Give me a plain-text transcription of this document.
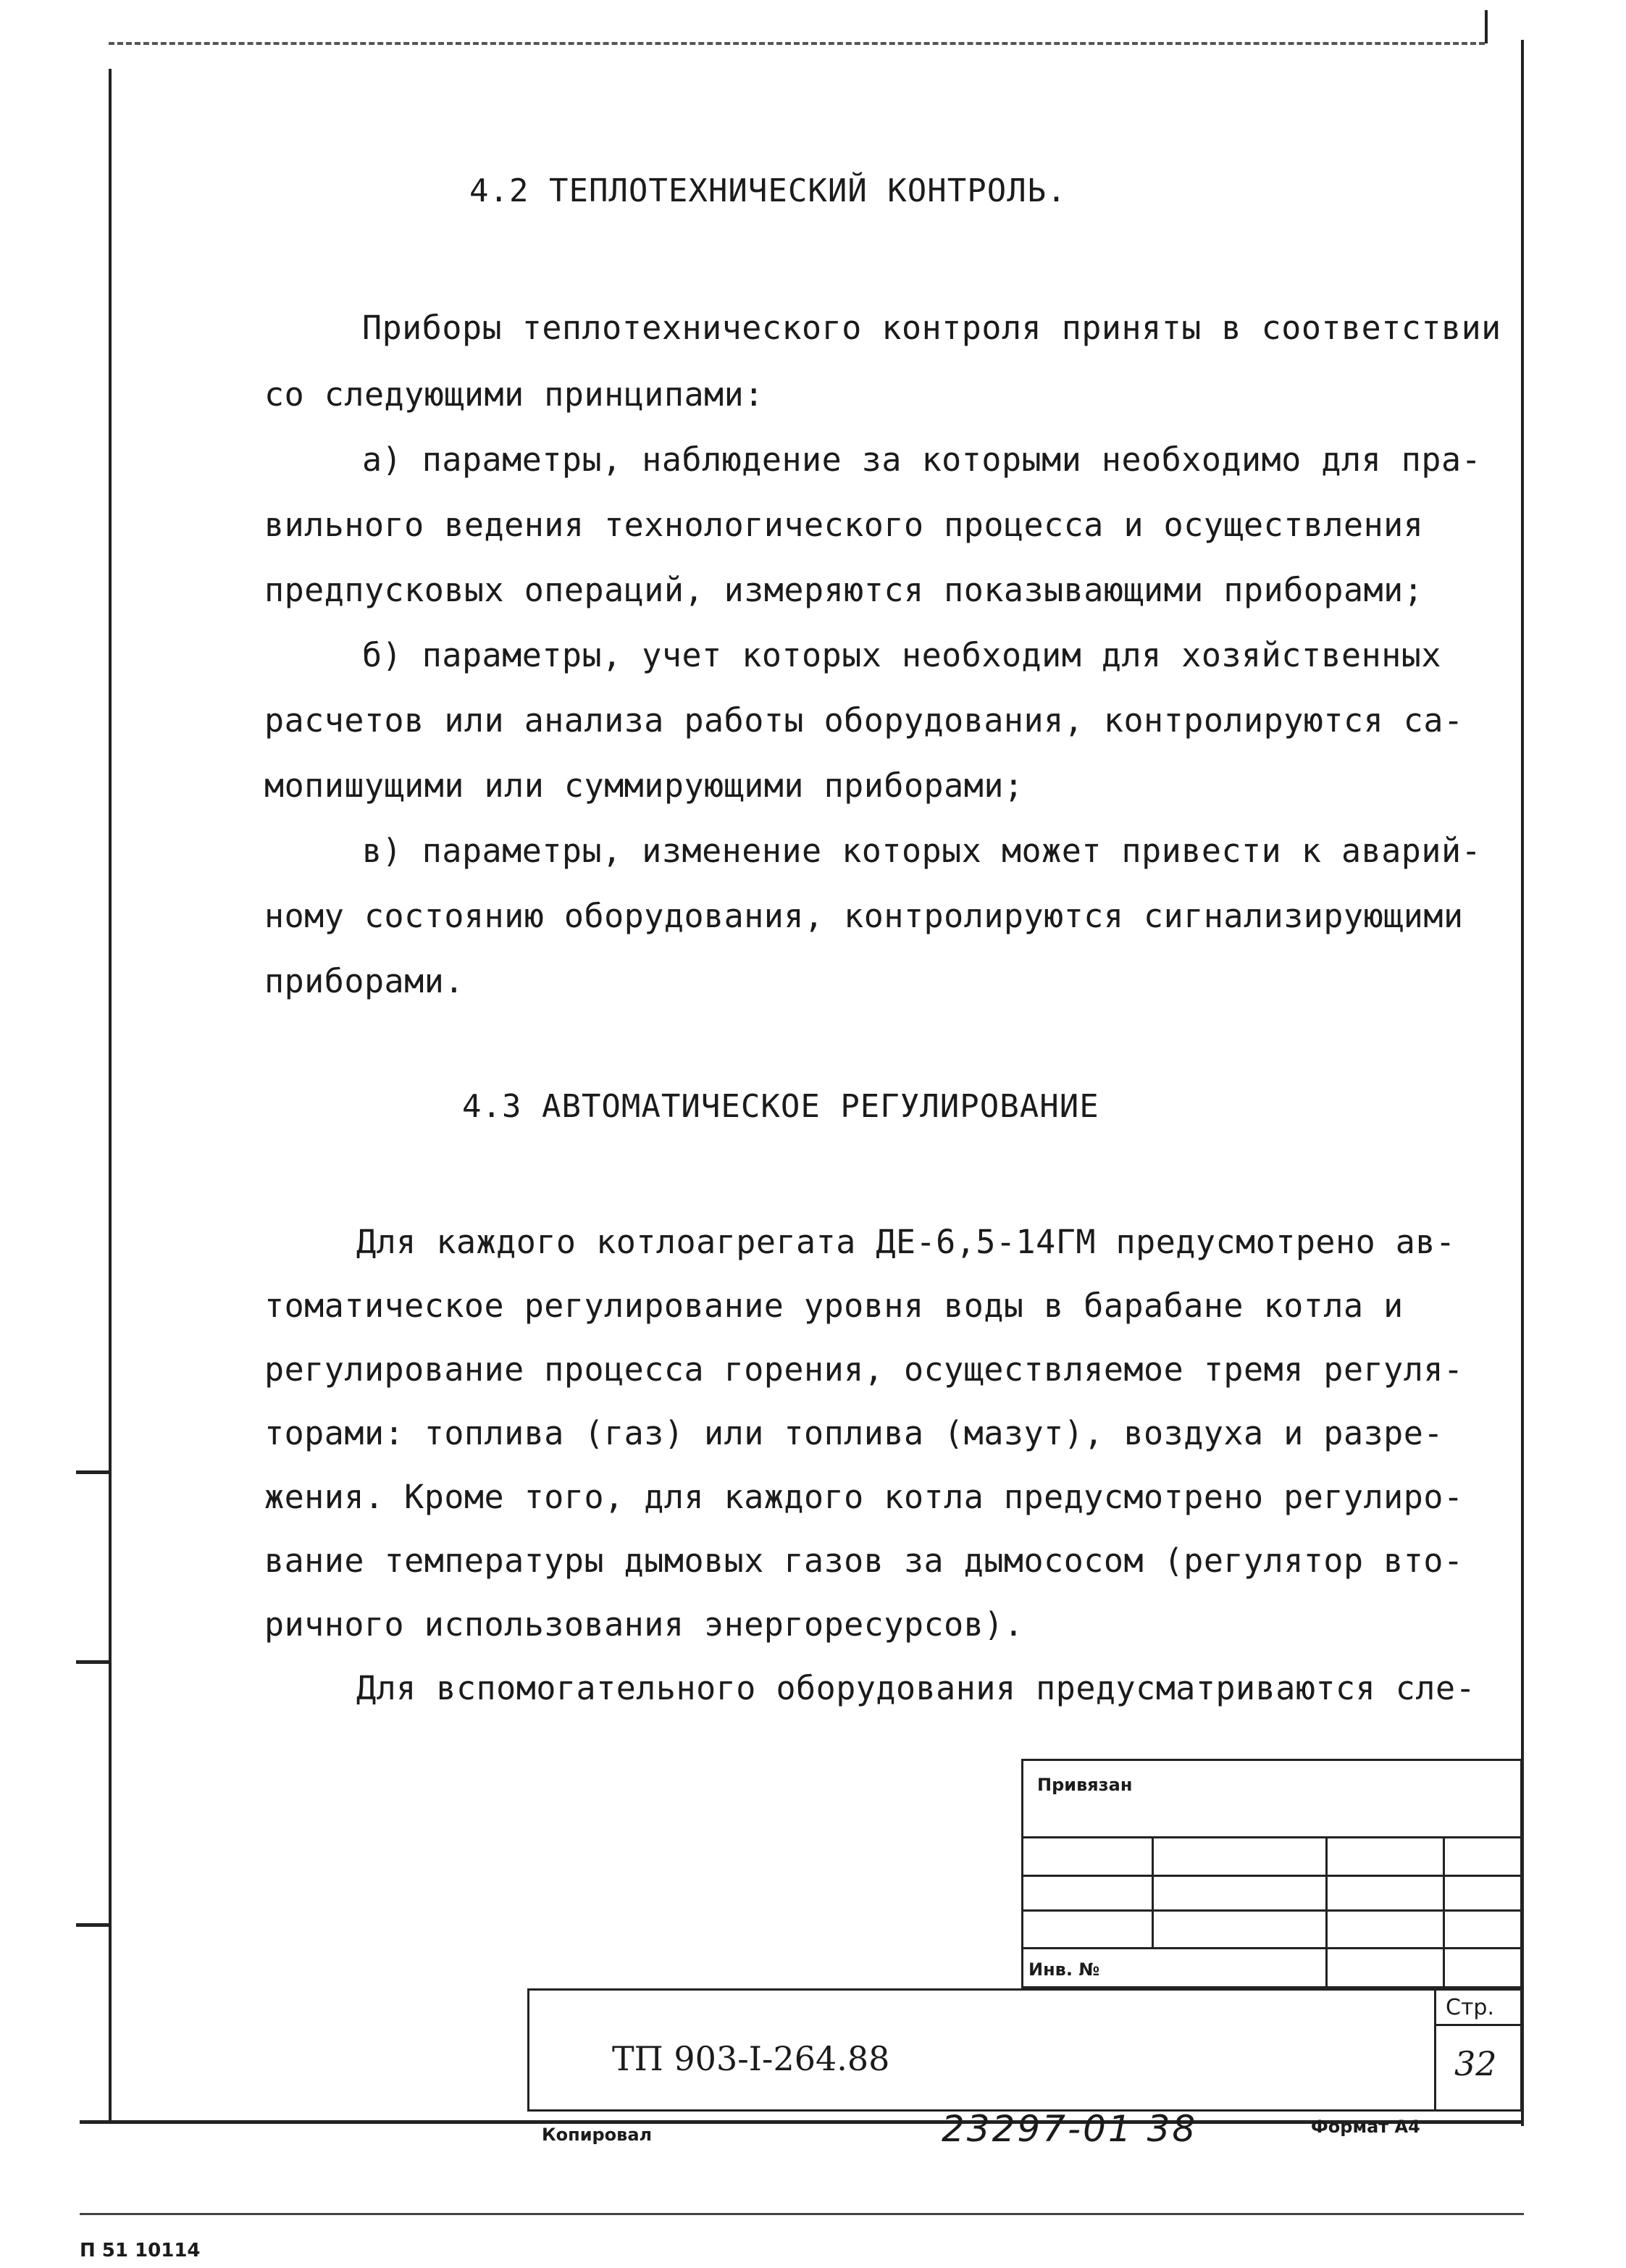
4.2 ТЕПЛОТЕХНИЧЕСКИЙ КОНТРОЛЬ.
Приборы теплотехнического контроля приняты в соответствии
со следующими принципами:
а) параметры, наблюдение за которыми необходимо для пра-
вильного ведения технологического процесса и осуществления
предпусковых операций, измеряются показывающими приборами;
б) параметры, учет которых необходим для хозяйственных
расчетов или анализа работы оборудования, контролируются са-
мопишущими или суммирующими приборами;
в) параметры, изменение которых может привести к аварий-
ному состоянию оборудования, контролируются сигнализирующими
приборами.
4.3 АВТОМАТИЧЕСКОЕ РЕГУЛИРОВАНИЕ
Для каждого котлоагрегата ДЕ-6,5-14ГМ предусмотрено ав-
томатическое регулирование уровня воды в барабане котла и
регулирование процесса горения, осуществляемое тремя регуля-
торами: топлива (газ) или топлива (мазут), воздуха и разре-
жения. Кроме того, для каждого котла предусмотрено регулиро-
вание температуры дымовых газов за дымососом (регулятор вто-
ричного использования энергоресурсов).
Для вспомогательного оборудования предусматриваются сле-
Привязан
Инв. №
Стр.
32
ТП 903-I-264.88
Копировал	23297-01 38	Формат А4
П 51 10114
